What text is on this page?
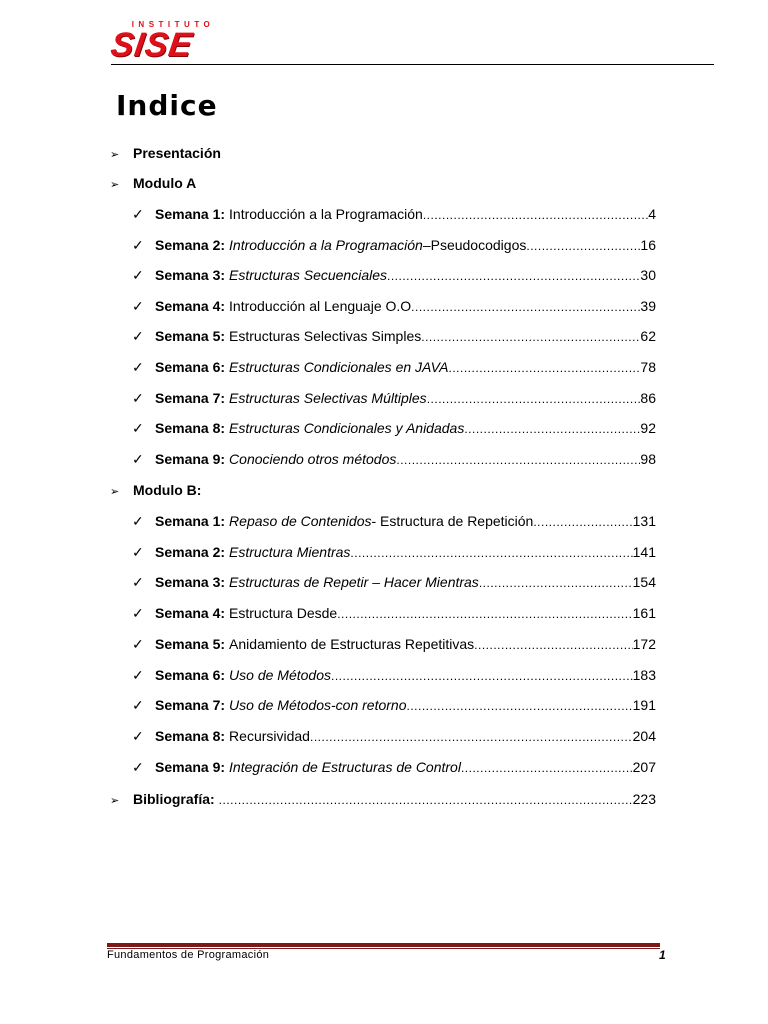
INSTITUTO
SISE
Indice
➢ Presentación
➢ Modulo A
✓ Semana 1: Introducción a la Programación .....	4
✓ Semana 2: Introducción a la Programación –Pseudocodigos .....	16
✓ Semana 3: Estructuras Secuenciales .....	30
✓ Semana 4: Introducción al Lenguaje O.O .....	39
✓ Semana 5: Estructuras Selectivas Simples .....	62
✓ Semana 6: Estructuras Condicionales en JAVA .....	78
✓ Semana 7: Estructuras Selectivas Múltiples .....	86
✓ Semana 8: Estructuras Condicionales y Anidadas .....	92
✓ Semana 9: Conociendo otros métodos .....	98
➢ Modulo B:
✓ Semana 1: Repaso de Contenidos - Estructura de Repetición .....	131
✓ Semana 2: Estructura Mientras .....	141
✓ Semana 3: Estructuras de Repetir – Hacer Mientras .....	154
✓ Semana 4: Estructura Desde .....	161
✓ Semana 5: Anidamiento de Estructuras Repetitivas .....	172
✓ Semana 6: Uso de Métodos .....	183
✓ Semana 7: Uso de Métodos-con retorno .....	191
✓ Semana 8: Recursividad .....	204
✓ Semana 9: Integración de Estructuras de Control .....	207
➢ Bibliografía: .....	223
Fundamentos de Programación	1
